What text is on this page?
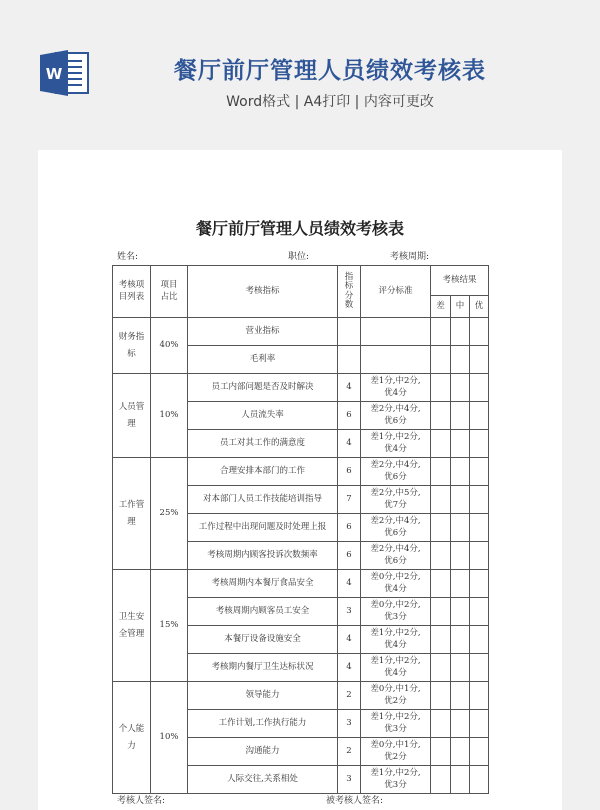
W	餐厅前厅管理人员绩效考核表
Word格式 | A4打印 | 内容可更改
餐厅前厅管理人员绩效考核表
姓名:	职位:	考核周期:
考核项目列表	项目占比	考核指标	指标分数	评分标准	考核结果		
					差	中	优
财务指标	40%	营业指标					
		毛利率					
人员管理	10%	员工内部问题是否及时解决	4	差1分,中2分,优4分			
		人员流失率	6	差2分,中4分,优6分			
		员工对其工作的满意度	4	差1分,中2分,优4分			
工作管理	25%	合理安排本部门的工作	6	差2分,中4分,优6分			
		对本部门人员工作技能培训指导	7	差2分,中5分,优7分			
		工作过程中出现问题及时处理上报	6	差2分,中4分,优6分			
		考核周期内顾客投诉次数频率	6	差2分,中4分,优6分			
卫生安全管理	15%	考核周期内本餐厅食品安全	4	差0分,中2分,优4分			
		考核周期内顾客员工安全	3	差0分,中2分,优3分			
		本餐厅设备设施安全	4	差1分,中2分,优4分			
		考核期内餐厅卫生达标状况	4	差1分,中2分,优4分			
个人能力	10%	领导能力	2	差0分,中1分,优2分			
		工作计划,工作执行能力	3	差1分,中2分,优3分			
		沟通能力	2	差0分,中1分,优2分			
		人际交往,关系相处	3	差1分,中2分,优3分			
考核人签名:	被考核人签名:
